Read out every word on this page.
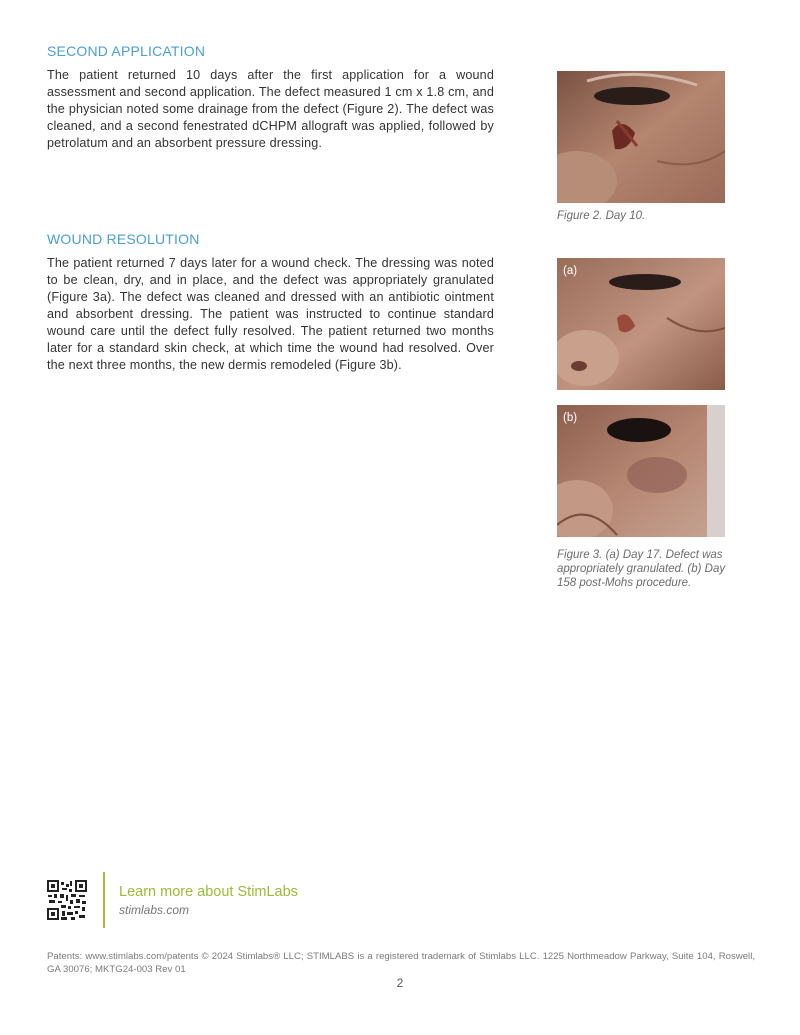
SECOND APPLICATION

The patient returned 10 days after the first application for a wound assessment and second application. The defect measured 1 cm x 1.8 cm, and the physician noted some drainage from the defect (Figure 2). The defect was cleaned, and a second fenestrated dCHPM allograft was applied, followed by petrolatum and an absorbent pressure dressing.

Figure 2. Day 10.
WOUND RESOLUTION

The patient returned 7 days later for a wound check. The dressing was noted to be clean, dry, and in place, and the defect was appropriately granulated (Figure 3a). The defect was cleaned and dressed with an antibiotic ointment and absorbent dressing. The patient was instructed to continue standard wound care until the defect fully resolved. The patient returned two months later for a standard skin check, at which time the wound had resolved. Over the next three months, the new dermis remodeled (Figure 3b).

(a)
(b)
Figure 3. (a) Day 17. Defect was appropriately granulated. (b) Day 158 post-Mohs procedure.
Learn more about StimLabs
stimlabs.com

Patents: www.stimlabs.com/patents © 2024 Stimlabs® LLC; STIMLABS is a registered trademark of Stimlabs LLC. 1225 Northmeadow Parkway, Suite 104, Roswell, GA 30076; MKTG24-003 Rev 01

2
